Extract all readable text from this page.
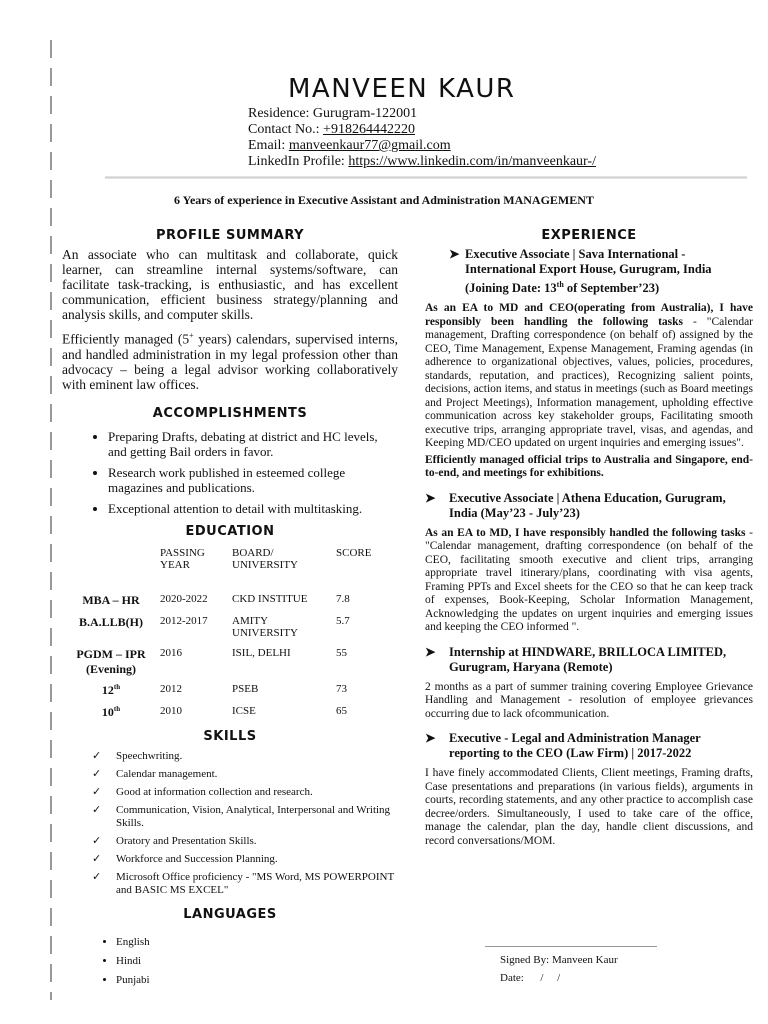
MANVEEN KAUR
Residence: Gurugram-122001
Contact No.: +918264442220
Email: manveenkaur77@gmail.com
LinkedIn Profile: https://www.linkedin.com/in/manveenkaur-/
6 Years of experience in Executive Assistant and Administration MANAGEMENT
PROFILE SUMMARY

An associate who can multitask and collaborate, quick learner, can streamline internal systems/software, can facilitate task-tracking, is enthusiastic, and has excellent communication, efficient business strategy/planning and analysis skills, and computer skills.

Efficiently managed (5+ years) calendars, supervised interns, and handled administration in my legal profession other than advocacy – being a legal advisor working collaboratively with eminent law offices.

ACCOMPLISHMENTS
• Preparing Drafts, debating at district and HC levels, and getting Bail orders in favor.
• Research work published in esteemed college magazines and publications.
• Exceptional attention to detail with multitasking.
EDUCATION
	PASSING YEAR	BOARD/ UNIVERSITY	SCORE

MBA – HR	2020-2022	CKD INSTITUE	7.8
B.A.LLB(H)	2012-2017	AMITY UNIVERSITY	5.7

PGDM – IPR
(Evening)	2016	ISIL, DELHI	55
12th	2012	PSEB	73
10th	2010	ICSE	65
SKILLS
✓ Speechwriting.
✓ Calendar management.
✓ Good at information collection and research.
✓ Communication, Vision, Analytical, Interpersonal and Writing Skills.
✓ Oratory and Presentation Skills.
✓ Workforce and Succession Planning.
✓ Microsoft Office proficiency - "MS Word, MS POWERPOINT and BASIC MS EXCEL"
LANGUAGES
• English
• Hindi
• Punjabi
EXPERIENCE
➤ Executive Associate | Sava International - International Export House, Gurugram, India (Joining Date: 13th of September’23)

As an EA to MD and CEO(operating from Australia), I have responsibly been handling the following tasks - "Calendar management, Drafting correspondence (on behalf of) assigned by the CEO, Time Management, Expense Management, Framing agendas (in adherence to organizational objectives, values, policies, procedures, standards, reputation, and practices), Recognizing salient points, decisions, action items, and status in meetings (such as Board meetings and Project Meetings), Information management, upholding effective communication across key stakeholder groups, Facilitating smooth executive trips, arranging appropriate travel, visas, and agendas, and Keeping MD/CEO updated on urgent inquiries and emerging issues".

Efficiently managed official trips to Australia and Singapore, end-to-end, and meetings for exhibitions.

➤ Executive Associate | Athena Education, Gurugram, India (May’23 - July’23)

As an EA to MD, I have responsibly handled the following tasks - "Calendar management, drafting correspondence (on behalf of the CEO, facilitating smooth executive and client trips, arranging appropriate travel itinerary/plans, coordinating with visa agents, Framing PPTs and Excel sheets for the CEO so that he can keep track of expenses, Book-Keeping, Scholar Information Management, Acknowledging the updates on urgent inquiries and emerging issues and keeping the CEO informed ".

➤ Internship at HINDWARE, BRILLOCA LIMITED, Gurugram, Haryana (Remote)

2 months as a part of summer training covering Employee Grievance Handling and Management - resolution of employee grievances occurring due to lack ofcommunication.

➤ Executive - Legal and Administration Manager reporting to the CEO (Law Firm) | 2017-2022

I have finely accommodated Clients, Client meetings, Framing drafts, Case presentations and preparations (in various fields), arguments in courts, recording statements, and any other practice to accomplish case decree/orders. Simultaneously, I used to take care of the office, manage the calendar, plan the day, handle client discussions, and record conversations/MOM.

Signed By: Manveen Kaur
Date:      /     /
